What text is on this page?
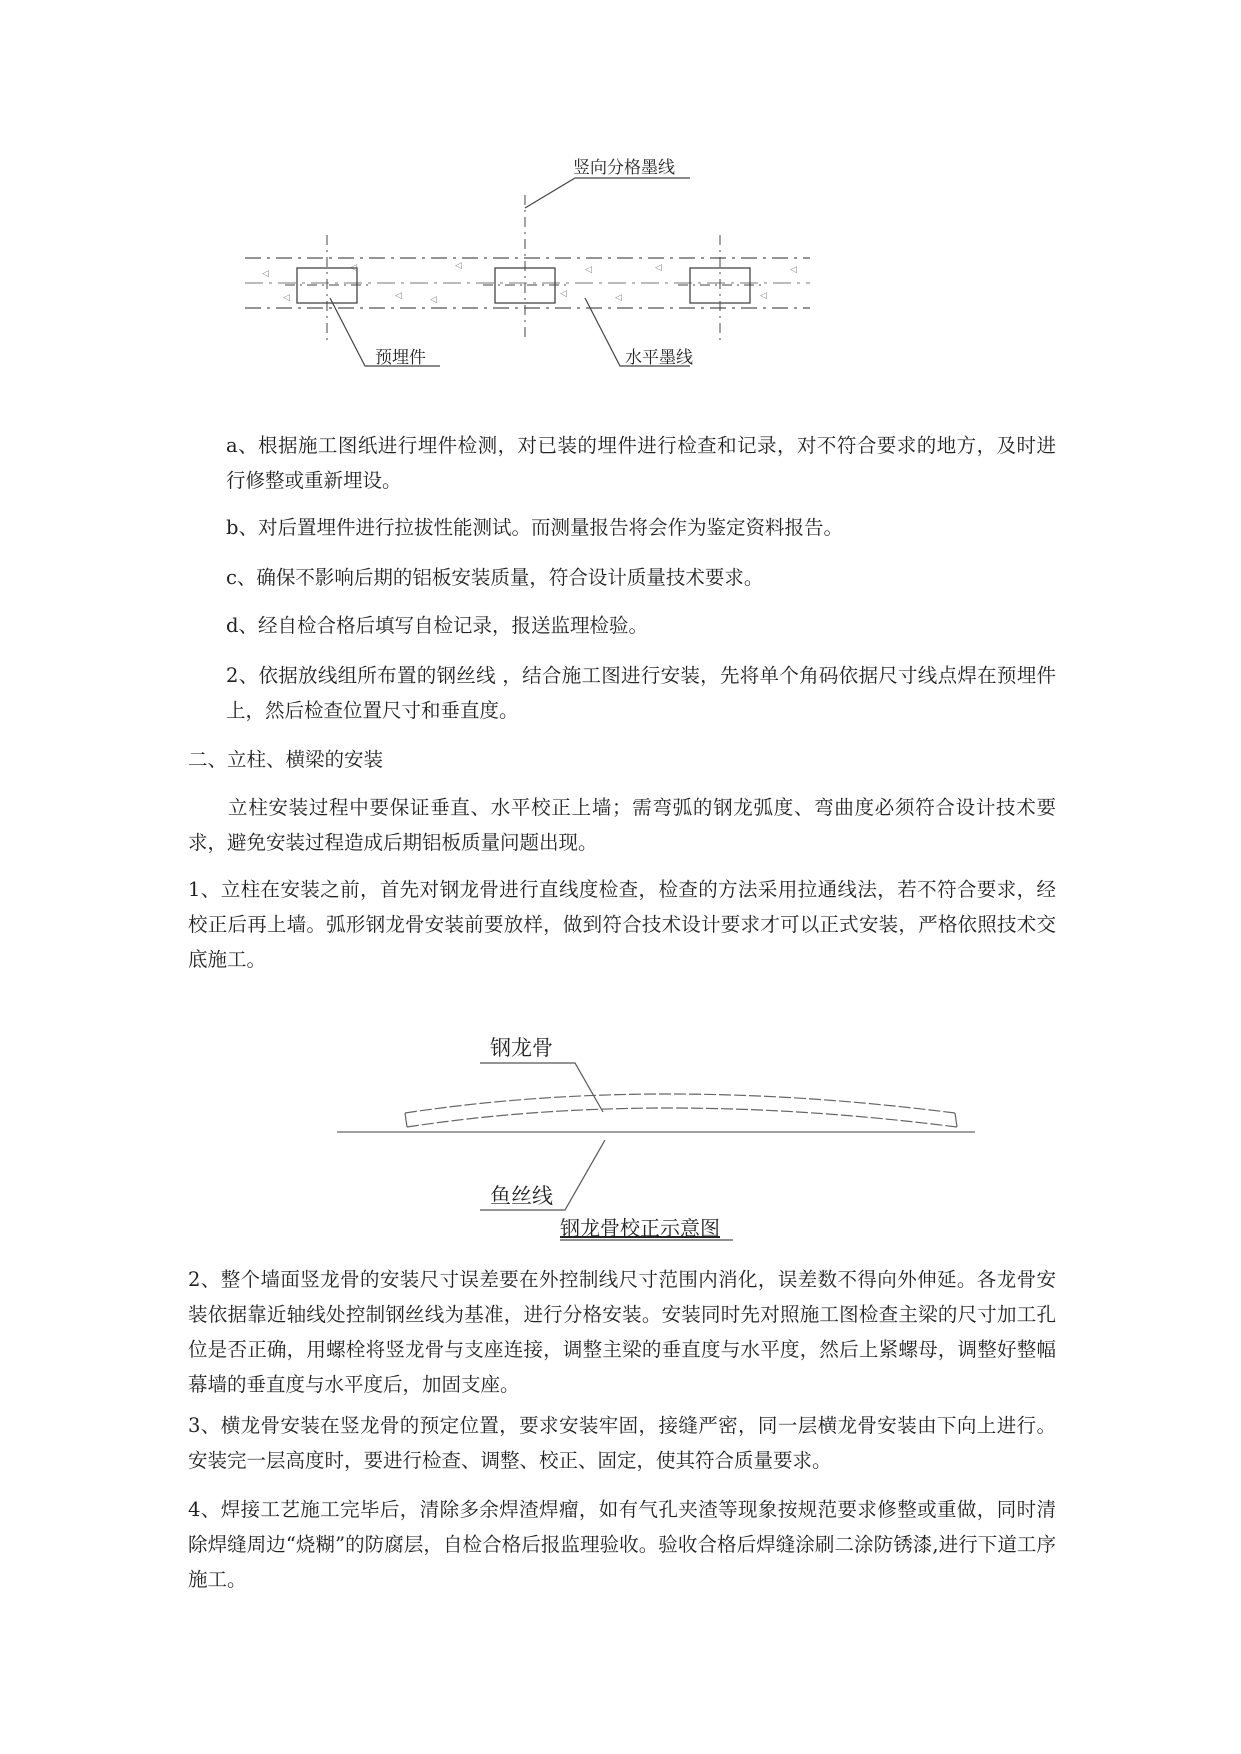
◁
◁
◁
◁
◁
◁
◁
◁
◁
◁
◁
◁
竖向分格墨线
预埋件	水平墨线

a、根据施工图纸进行埋件检测，对已装的埋件进行检查和记录，对不符合要求的地方，及时进行修整或重新埋设。

b、对后置埋件进行拉拔性能测试。而测量报告将会作为鉴定资料报告。

c、确保不影响后期的铝板安装质量，符合设计质量技术要求。

d、经自检合格后填写自检记录，报送监理检验。

2、依据放线组所布置的钢丝线 ，结合施工图进行安装，先将单个角码依据尺寸线点焊在预埋件上，然后检查位置尺寸和垂直度。

二、立柱、横梁的安装

立柱安装过程中要保证垂直、水平校正上墙；需弯弧的钢龙弧度、弯曲度必须符合设计技术要求，避免安装过程造成后期铝板质量问题出现。

1、立柱在安装之前，首先对钢龙骨进行直线度检查，检查的方法采用拉通线法，若不符合要求，经校正后再上墙。弧形钢龙骨安装前要放样，做到符合技术设计要求才可以正式安装，严格依照技术交底施工。

钢龙骨
鱼丝线
钢龙骨校正示意图

2、整个墙面竖龙骨的安装尺寸误差要在外控制线尺寸范围内消化，误差数不得向外伸延。各龙骨安装依据靠近轴线处控制钢丝线为基准，进行分格安装。安装同时先对照施工图检查主梁的尺寸加工孔位是否正确，用螺栓将竖龙骨与支座连接，调整主梁的垂直度与水平度，然后上紧螺母，调整好整幅幕墙的垂直度与水平度后，加固支座。

3、横龙骨安装在竖龙骨的预定位置，要求安装牢固，接缝严密，同一层横龙骨安装由下向上进行。安装完一层高度时，要进行检查、调整、校正、固定，使其符合质量要求。

4、焊接工艺施工完毕后，清除多余焊渣焊瘤，如有气孔夹渣等现象按规范要求修整或重做，同时清除焊缝周边“烧糊”的防腐层，自检合格后报监理验收。验收合格后焊缝涂刷二涂防锈漆,进行下道工序施工。
